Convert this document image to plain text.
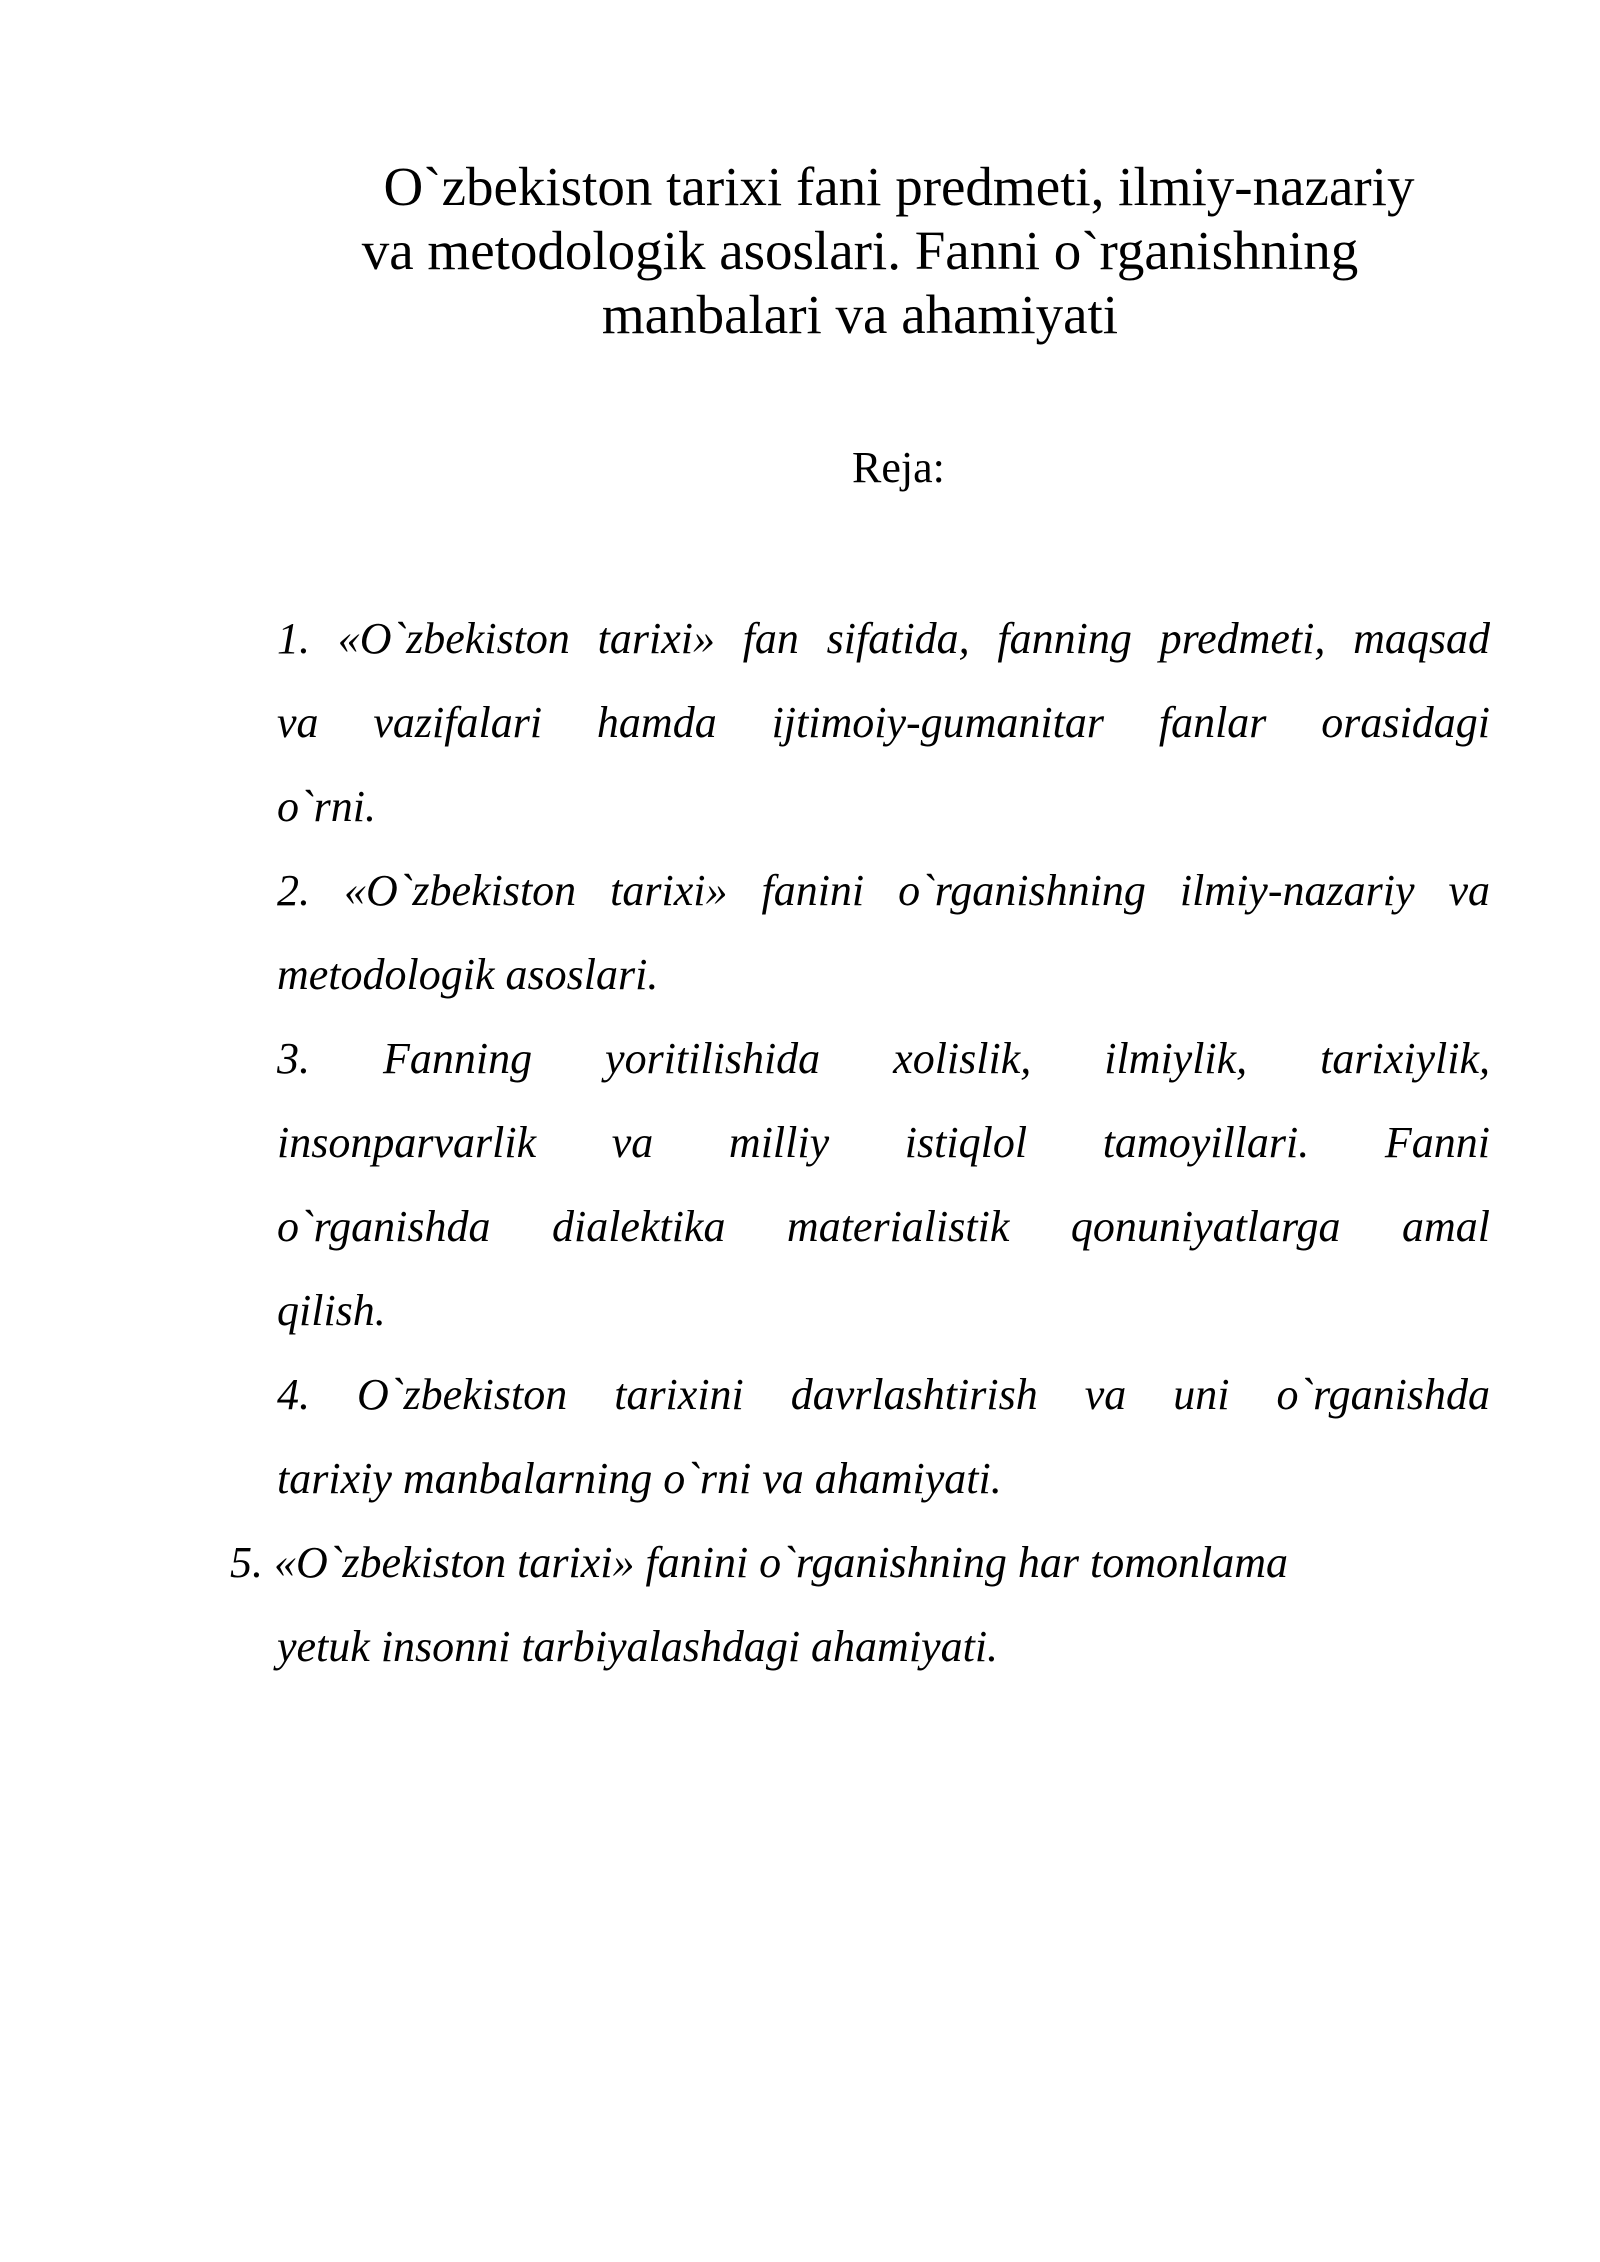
O`zbekiston tarixi fani predmeti, ilmiy-nazariy
va metodologik asoslari. Fanni o`rganishning
manbalari va ahamiyati
Reja:
1. «O`zbekiston tarixi» fan sifatida, fanning predmeti, maqsad
va vazifalari hamda ijtimoiy-gumanitar fanlar orasidagi
o`rni.
2. «O`zbekiston tarixi» fanini o`rganishning ilmiy-nazariy va
metodologik asoslari.
3. Fanning yoritilishida xolislik, ilmiylik, tarixiylik,
insonparvarlik va milliy istiqlol tamoyillari. Fanni
o`rganishda dialektika materialistik qonuniyatlarga amal
qilish.
4. O`zbekiston tarixini davrlashtirish va uni o`rganishda
tarixiy manbalarning o`rni va ahamiyati.
5. «O`zbekiston tarixi» fanini o`rganishning har tomonlama
yetuk insonni tarbiyalashdagi ahamiyati.
